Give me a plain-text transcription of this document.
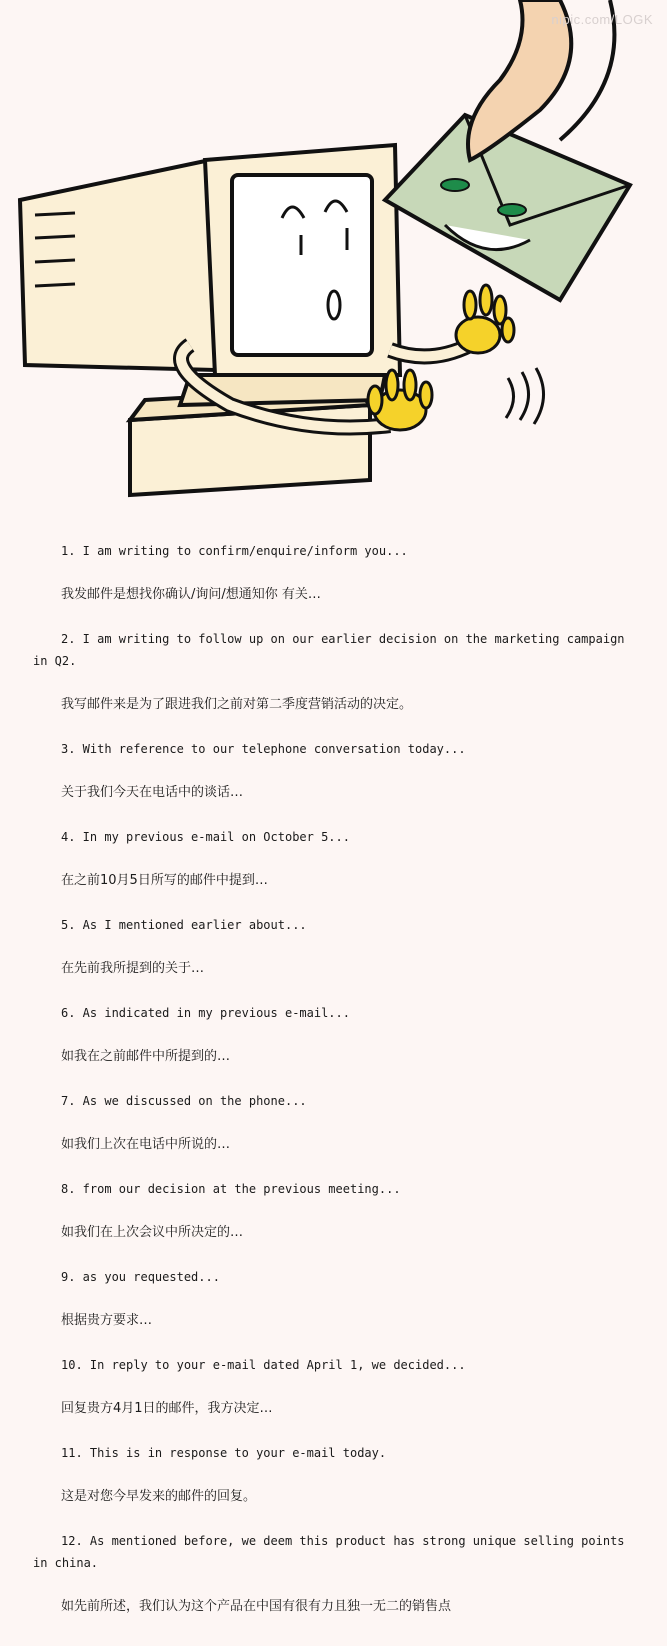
nipic.com/LOGK

1. I am writing to confirm/enquire/inform you...

我发邮件是想找你确认/询问/想通知你 有关…

2. I am writing to follow up on our earlier decision on the marketing campaign in Q2.

我写邮件来是为了跟进我们之前对第二季度营销活动的决定。

3. With reference to our telephone conversation today...

关于我们今天在电话中的谈话…

4. In my previous e-mail on October 5...

在之前10月5日所写的邮件中提到…

5. As I mentioned earlier about...

在先前我所提到的关于…

6. As indicated in my previous e-mail...

如我在之前邮件中所提到的…

7. As we discussed on the phone...

如我们上次在电话中所说的…

8. from our decision at the previous meeting...

如我们在上次会议中所决定的…

9. as you requested...

根据贵方要求…

10. In reply to your e-mail dated April 1, we decided...

回复贵方4月1日的邮件，我方决定…

11. This is in response to your e-mail today.

这是对您今早发来的邮件的回复。

12. As mentioned before, we deem this product has strong unique selling points in china.

如先前所述，我们认为这个产品在中国有很有力且独一无二的销售点
